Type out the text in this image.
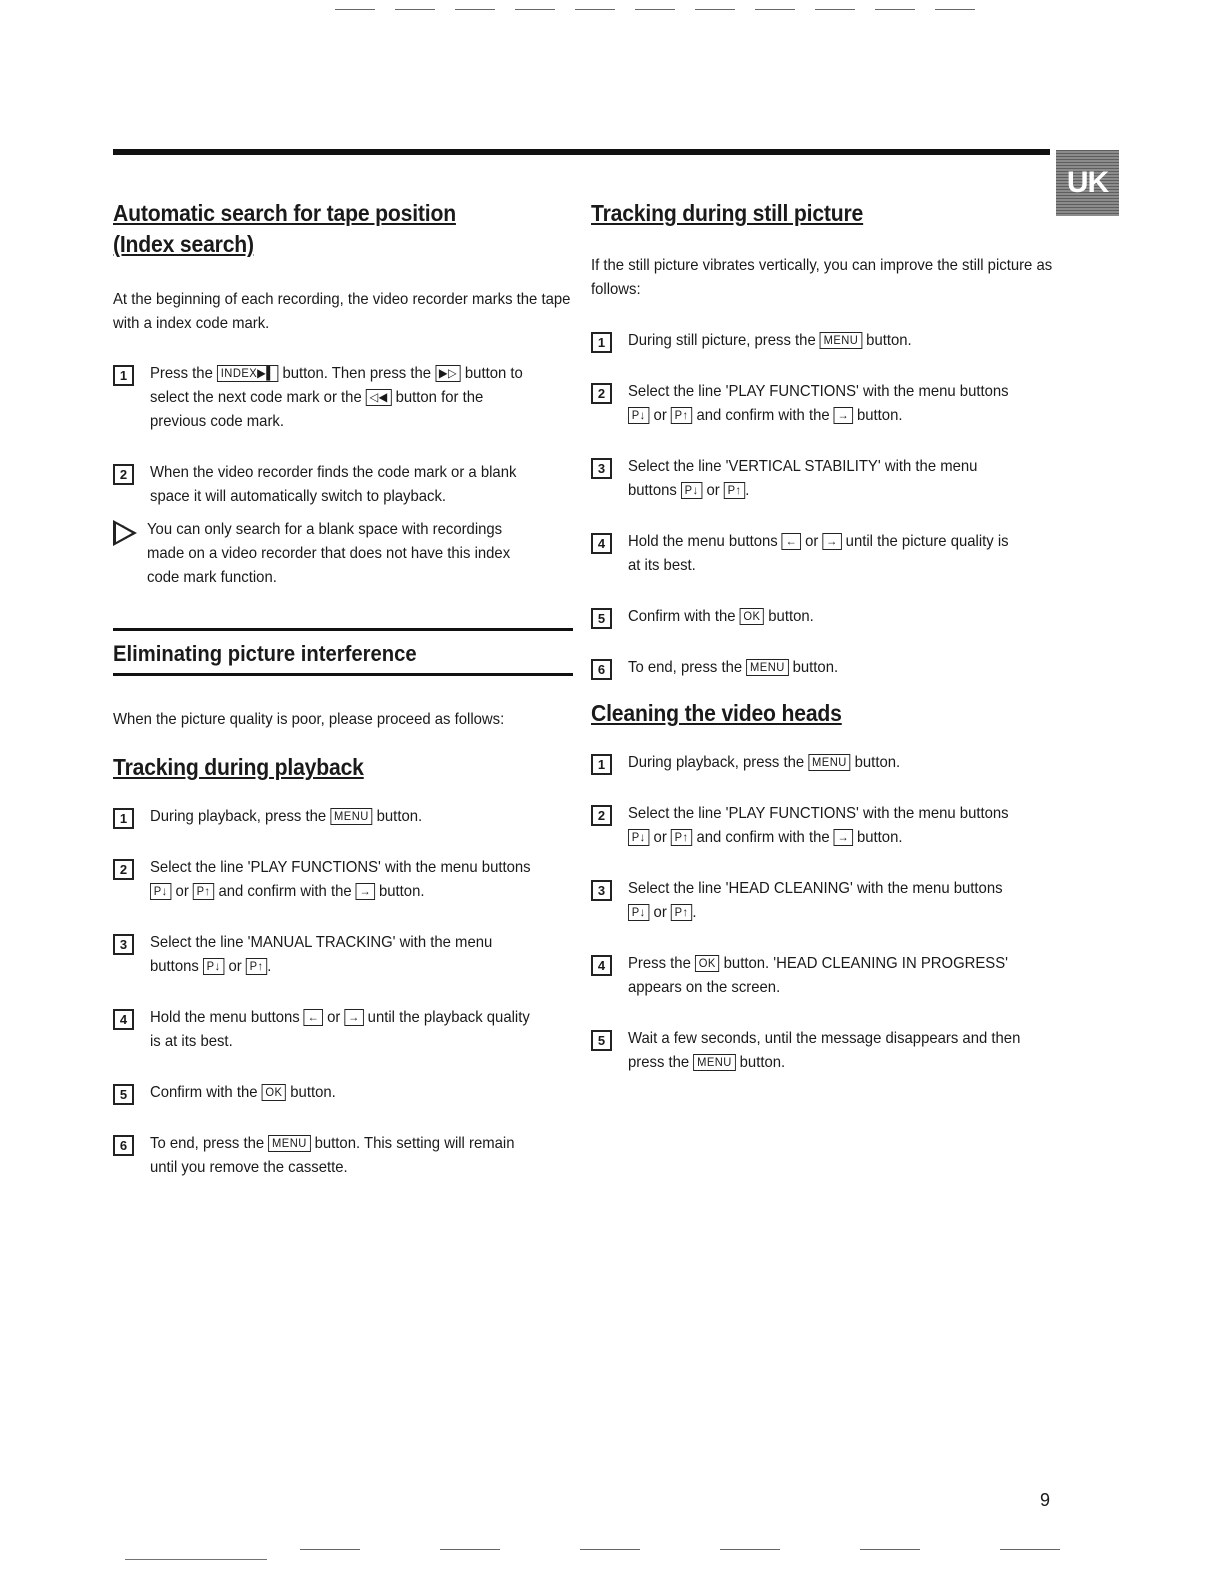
UK
Automatic search for tape position
(Index search)

At the beginning of each recording, the video recorder marks the tape with a index code mark.

1	Press the INDEX▶▌ button. Then press the ▶▷ button to select the next code mark or the ◁◀ button for the previous code mark.

2	When the video recorder finds the code mark or a blank space it will automatically switch to playback.

i You can only search for a blank space with recordings made on a video recorder that does not have this index code mark function.

Eliminating picture interference

When the picture quality is poor, please proceed as follows:

Tracking during playback
1	During playback, press the MENU button.

2	Select the line 'PLAY FUNCTIONS' with the menu buttons P↓ or P↑ and confirm with the → button.

3	Select the line 'MANUAL TRACKING' with the menu buttons P↓ or P↑ .

4	Hold the menu buttons ← or → until the playback quality is at its best.

5	Confirm with the OK button.

6	To end, press the MENU button. This setting will remain until you remove the cassette.

Tracking during still picture

If the still picture vibrates vertically, you can improve the still picture as follows:

1	During still picture, press the MENU button.

2	Select the line 'PLAY FUNCTIONS' with the menu buttons P↓ or P↑ and confirm with the → button.

3	Select the line 'VERTICAL STABILITY' with the menu buttons P↓ or P↑ .

4	Hold the menu buttons ← or → until the picture quality is at its best.

5	Confirm with the OK button.

6	To end, press the MENU button.

Cleaning the video heads
1	During playback, press the MENU button.

2	Select the line 'PLAY FUNCTIONS' with the menu buttons P↓ or P↑ and confirm with the → button.

3	Select the line 'HEAD CLEANING' with the menu buttons P↓ or P↑ .

4	Press the OK button. 'HEAD CLEANING IN PROGRESS' appears on the screen.

5	Wait a few seconds, until the message disappears and then press the MENU button.

9
